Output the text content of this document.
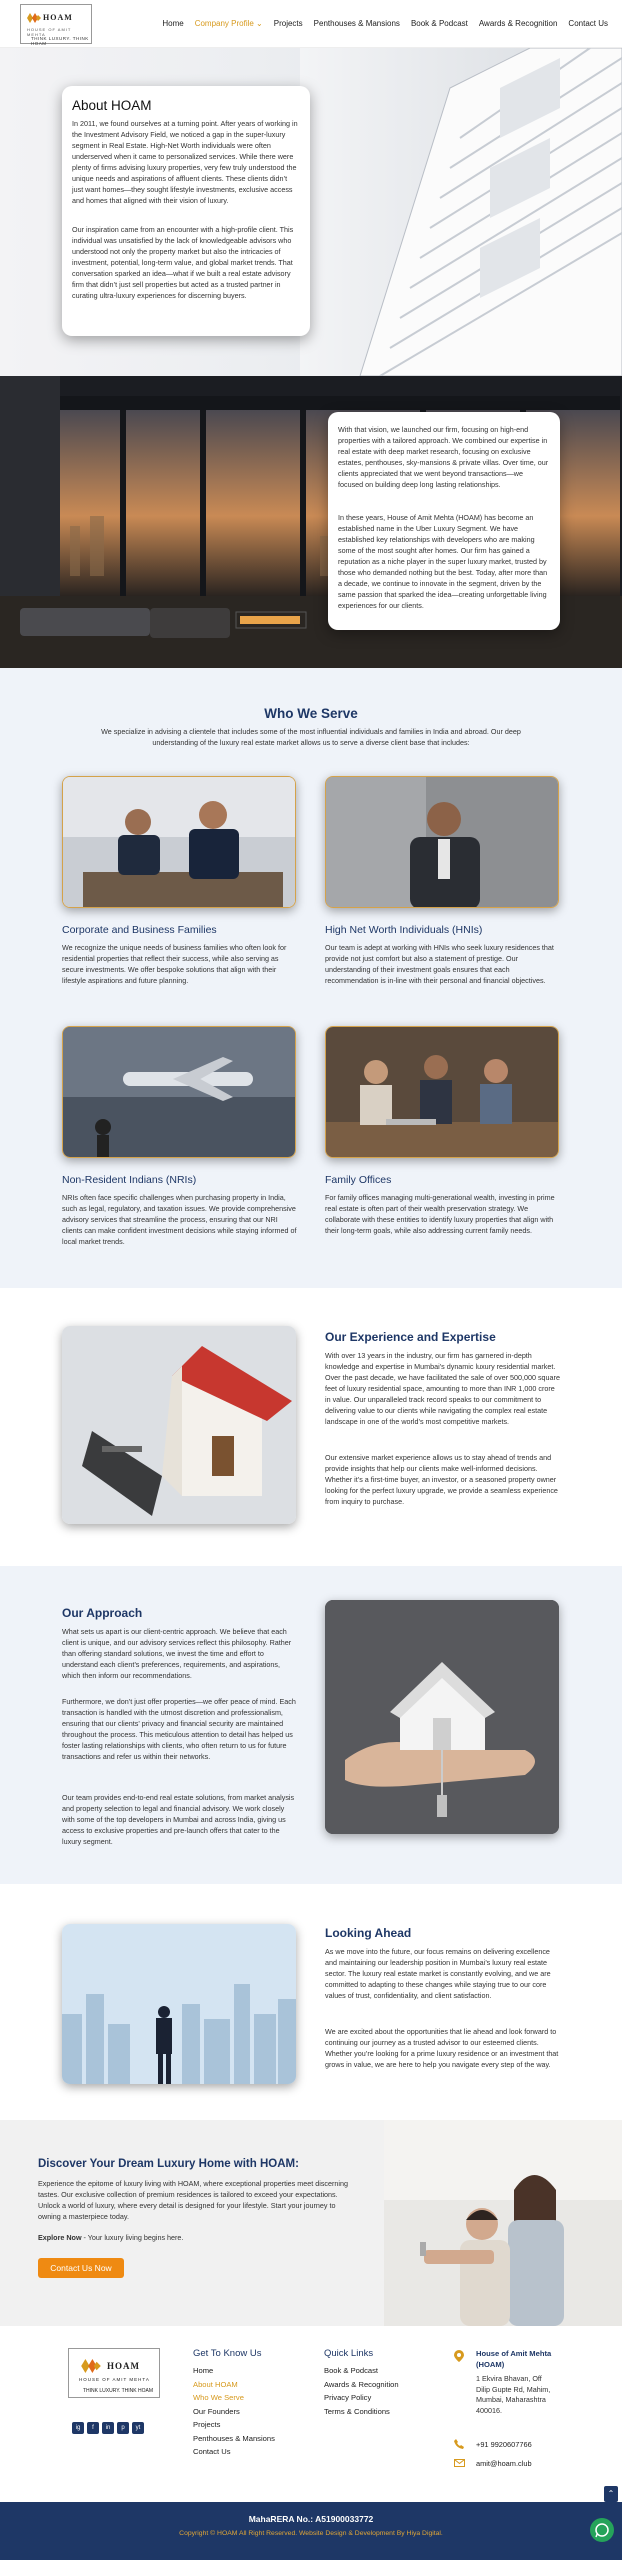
HOAM
HOUSE OF AMIT MEHTA
THINK LUXURY. THINK HOAM
Home Company Profile ⌄ Projects Penthouses & Mansions Book & Podcast Awards & Recognition Contact Us
About HOAM

In 2011, we found ourselves at a turning point. After years of working in the Investment Advisory Field, we noticed a gap in the super-luxury segment in Real Estate. High-Net Worth individuals were often underserved when it came to personalized services. While there were plenty of firms advising luxury properties, very few truly understood the unique needs and aspirations of affluent clients. These clients didn’t just want homes—they sought lifestyle investments, exclusive access and homes that aligned with their vision of luxury.

Our inspiration came from an encounter with a high-profile client. This individual was unsatisfied by the lack of knowledgeable advisors who understood not only the property market but also the intricacies of investment, potential, long-term value, and global market trends. That conversation sparked an idea—what if we built a real estate advisory firm that didn’t just sell properties but acted as a trusted partner in curating ultra-luxury experiences for discerning buyers.

With that vision, we launched our firm, focusing on high-end properties with a tailored approach. We combined our expertise in real estate with deep market research, focusing on exclusive estates, penthouses, sky-mansions & private villas. Over time, our clients appreciated that we went beyond transactions—we focused on building deep long lasting relationships.

In these years, House of Amit Mehta (HOAM) has become an established name in the Uber Luxury Segment. We have established key relationships with developers who are making some of the most sought after homes. Our firm has gained a reputation as a niche player in the super luxury market, trusted by those who demanded nothing but the best. Today, after more than a decade, we continue to innovate in the segment, driven by the same passion that sparked the idea—creating unforgettable living experiences for our clients.

Who We Serve

We specialize in advising a clientele that includes some of the most influential individuals and families in India and abroad. Our deep understanding of the luxury real estate market allows us to serve a diverse client base that includes:

Corporate and Business Families

We recognize the unique needs of business families who often look for residential properties that reflect their success, while also serving as secure investments. We offer bespoke solutions that align with their lifestyle aspirations and future planning.

High Net Worth Individuals (HNIs)

Our team is adept at working with HNIs who seek luxury residences that provide not just comfort but also a statement of prestige. Our understanding of their investment goals ensures that each recommendation is in-line with their personal and financial objectives.

Non-Resident Indians (NRIs)

NRIs often face specific challenges when purchasing property in India, such as legal, regulatory, and taxation issues. We provide comprehensive advisory services that streamline the process, ensuring that our NRI clients can make confident investment decisions while staying informed of local market trends.

Family Offices

For family offices managing multi-generational wealth, investing in prime real estate is often part of their wealth preservation strategy. We collaborate with these entities to identify luxury properties that align with their long-term goals, while also addressing current family needs.

Our Experience and Expertise

With over 13 years in the industry, our firm has garnered in-depth knowledge and expertise in Mumbai’s dynamic luxury residential market. Over the past decade, we have facilitated the sale of over 500,000 square feet of luxury residential space, amounting to more than INR 1,000 crore in value. Our unparalleled track record speaks to our commitment to delivering value to our clients while navigating the complex real estate landscape in one of the world’s most competitive markets.

Our extensive market experience allows us to stay ahead of trends and provide insights that help our clients make well-informed decisions. Whether it’s a first-time buyer, an investor, or a seasoned property owner looking for the perfect luxury upgrade, we provide a seamless experience from inquiry to purchase.

Our Approach

What sets us apart is our client-centric approach. We believe that each client is unique, and our advisory services reflect this philosophy. Rather than offering standard solutions, we invest the time and effort to understand each client’s preferences, requirements, and aspirations, which then inform our recommendations.

Furthermore, we don’t just offer properties—we offer peace of mind. Each transaction is handled with the utmost discretion and professionalism, ensuring that our clients’ privacy and financial security are maintained throughout the process. This meticulous attention to detail has helped us foster lasting relationships with clients, who often return to us for future transactions and refer us within their networks.

Our team provides end-to-end real estate solutions, from market analysis and property selection to legal and financial advisory. We work closely with some of the top developers in Mumbai and across India, giving us access to exclusive properties and pre-launch offers that cater to the luxury segment.

Looking Ahead

As we move into the future, our focus remains on delivering excellence and maintaining our leadership position in Mumbai’s luxury real estate sector. The luxury real estate market is constantly evolving, and we are committed to adapting to these changes while staying true to our core values of trust, confidentiality, and client satisfaction.

We are excited about the opportunities that lie ahead and look forward to continuing our journey as a trusted advisor to our esteemed clients. Whether you’re looking for a prime luxury residence or an investment that grows in value, we are here to help you navigate every step of the way.

Discover Your Dream Luxury Home with HOAM:

Experience the epitome of luxury living with HOAM, where exceptional properties meet discerning tastes. Our exclusive collection of premium residences is tailored to exceed your expectations. Unlock a world of luxury, where every detail is designed for your lifestyle. Start your journey to owning a masterpiece today.

Explore Now - Your luxury living begins here.

Contact Us Now
HOAM
HOUSE OF AMIT MEHTA
THINK LUXURY. THINK HOAM
ig f in p yt
Get To Know Us
Home
About HOAM
Who We Serve
Our Founders
Projects
Penthouses & Mansions
Contact Us
Quick Links
Book & Podcast
Awards & Recognition
Privacy Policy
Terms & Conditions
House of Amit Mehta (HOAM)
1 Ekvira Bhavan, Off
Dilip Gupte Rd, Mahim,
Mumbai, Maharashtra
400016.
+91 9920607766
amit@hoam.club
⌃
MahaRERA No.: A51900033772
Copyright © HOAM All Right Reserved. Website Design & Development By Hiya Digital.
